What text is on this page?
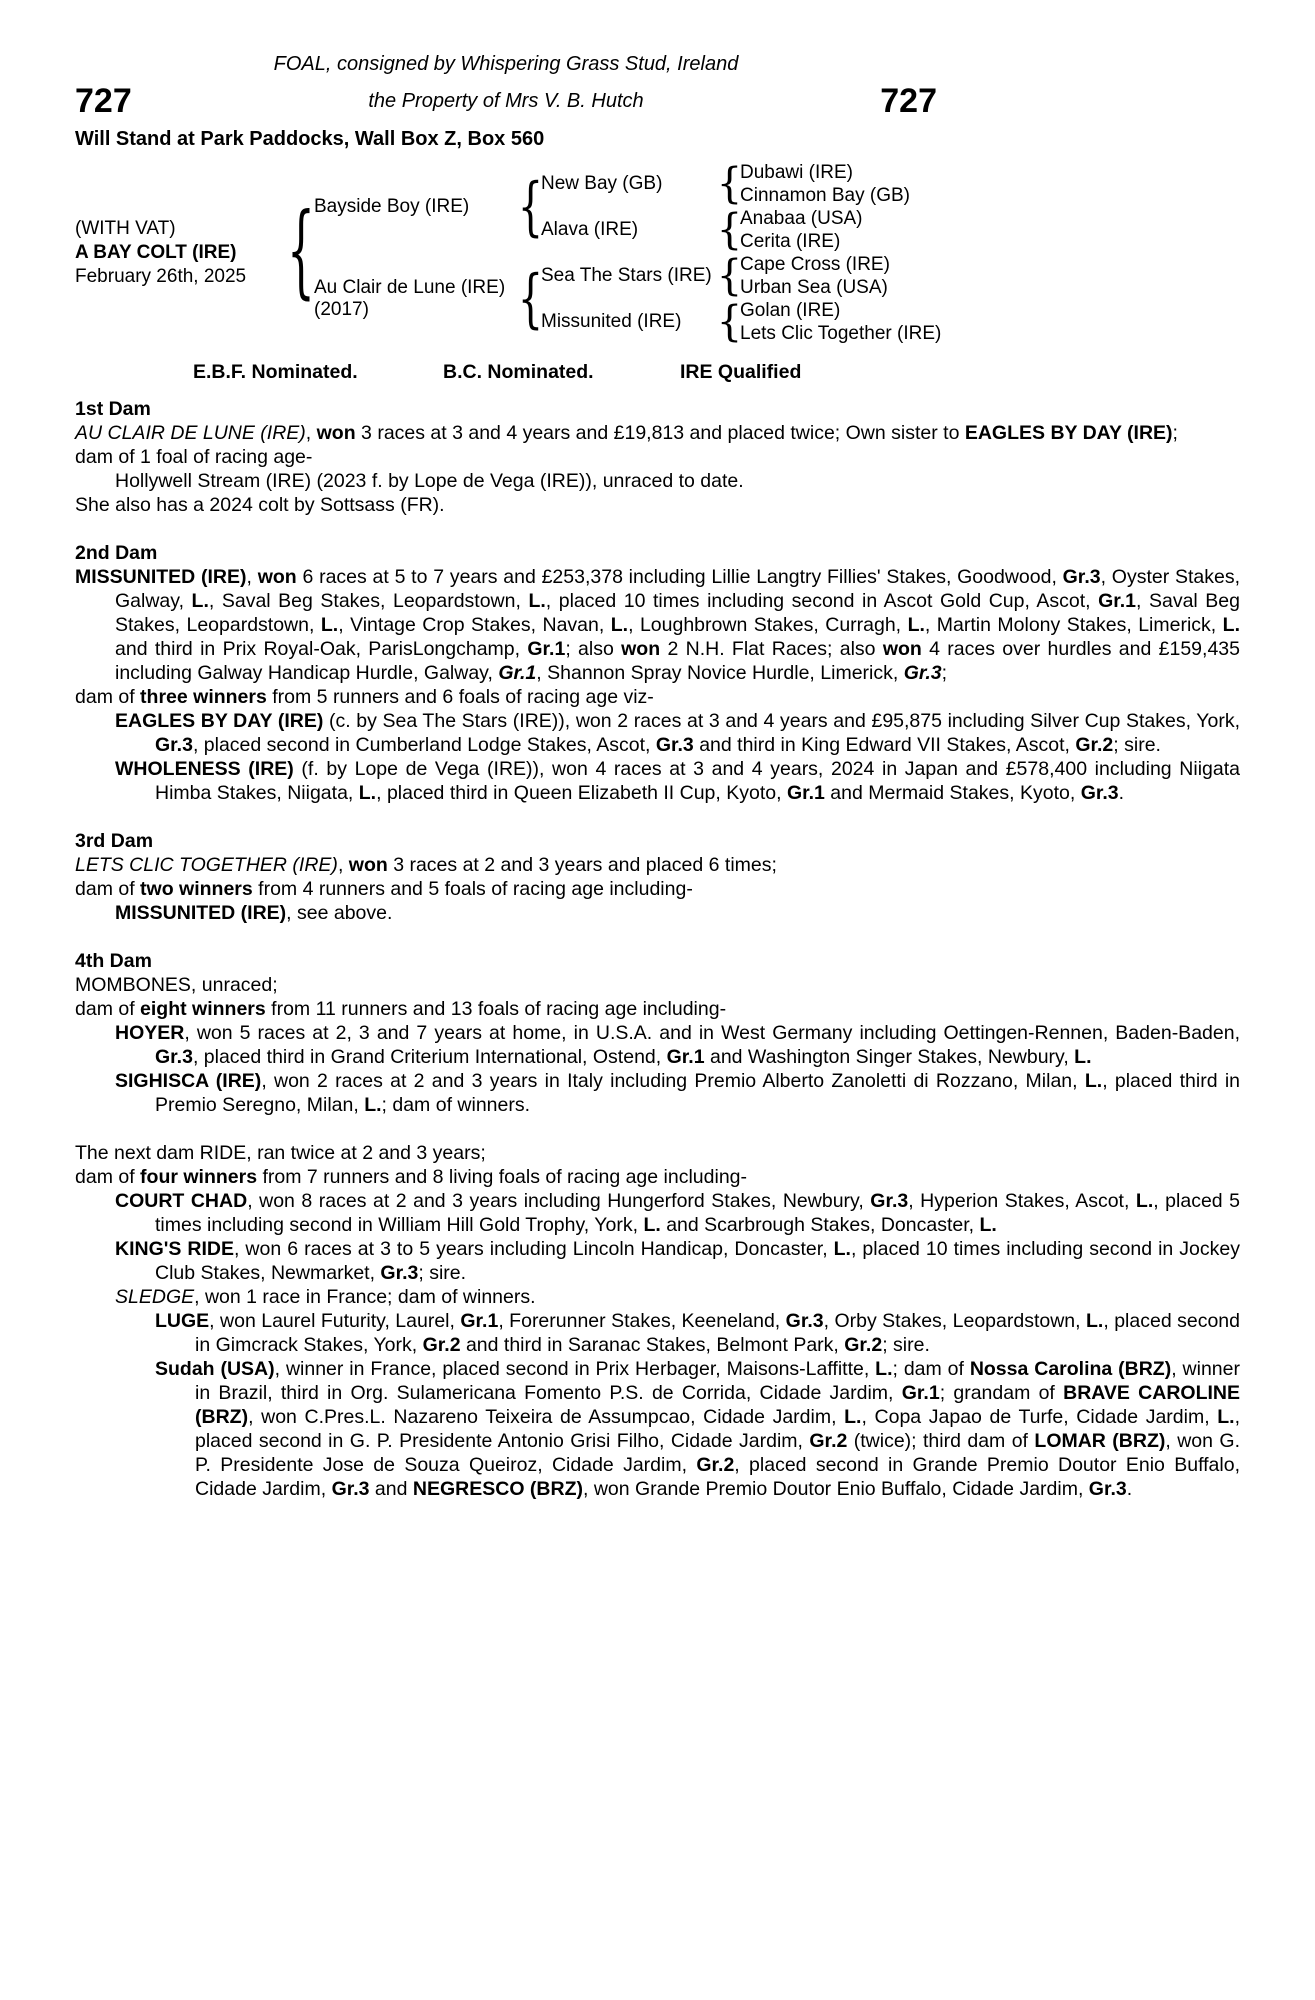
FOAL, consigned by Whispering Grass Stud, Ireland
727	the Property of Mrs V. B. Hutch	727
Will Stand at Park Paddocks, Wall Box Z, Box 560
(WITH VAT)
A BAY COLT (IRE)
February 26th, 2025
{
Bayside Boy (IRE)
Au Clair de Lune (IRE)
(2017)
{
{
New Bay (GB)
Alava (IRE)
Sea The Stars (IRE)
Missunited (IRE)
{
{
{
{
Dubawi (IRE)
Cinnamon Bay (GB)
Anabaa (USA)
Cerita (IRE)
Cape Cross (IRE)
Urban Sea (USA)
Golan (IRE)
Lets Clic Together (IRE)
E.B.F. Nominated.	B.C. Nominated.	IRE Qualified
1st Dam
AU CLAIR DE LUNE (IRE), won 3 races at 3 and 4 years and £19,813 and placed twice; Own sister to EAGLES BY DAY (IRE);
dam of 1 foal of racing age-
Hollywell Stream (IRE) (2023 f. by Lope de Vega (IRE)), unraced to date.
She also has a 2024 colt by Sottsass (FR).
2nd Dam
MISSUNITED (IRE), won 6 races at 5 to 7 years and £253,378 including Lillie Langtry Fillies' Stakes, Goodwood, Gr.3, Oyster Stakes, Galway, L., Saval Beg Stakes, Leopardstown, L., placed 10 times including second in Ascot Gold Cup, Ascot, Gr.1, Saval Beg Stakes, Leopardstown, L., Vintage Crop Stakes, Navan, L., Loughbrown Stakes, Curragh, L., Martin Molony Stakes, Limerick, L. and third in Prix Royal-Oak, ParisLongchamp, Gr.1; also won 2 N.H. Flat Races; also won 4 races over hurdles and £159,435 including Galway Handicap Hurdle, Galway, Gr.1, Shannon Spray Novice Hurdle, Limerick, Gr.3;
dam of three winners from 5 runners and 6 foals of racing age viz-
EAGLES BY DAY (IRE) (c. by Sea The Stars (IRE)), won 2 races at 3 and 4 years and £95,875 including Silver Cup Stakes, York, Gr.3, placed second in Cumberland Lodge Stakes, Ascot, Gr.3 and third in King Edward VII Stakes, Ascot, Gr.2; sire.
WHOLENESS (IRE) (f. by Lope de Vega (IRE)), won 4 races at 3 and 4 years, 2024 in Japan and £578,400 including Niigata Himba Stakes, Niigata, L., placed third in Queen Elizabeth II Cup, Kyoto, Gr.1 and Mermaid Stakes, Kyoto, Gr.3.
3rd Dam
LETS CLIC TOGETHER (IRE), won 3 races at 2 and 3 years and placed 6 times;
dam of two winners from 4 runners and 5 foals of racing age including-
MISSUNITED (IRE), see above.
4th Dam
MOMBONES, unraced;
dam of eight winners from 11 runners and 13 foals of racing age including-
HOYER, won 5 races at 2, 3 and 7 years at home, in U.S.A. and in West Germany including Oettingen-Rennen, Baden-Baden, Gr.3, placed third in Grand Criterium International, Ostend, Gr.1 and Washington Singer Stakes, Newbury, L.
SIGHISCA (IRE), won 2 races at 2 and 3 years in Italy including Premio Alberto Zanoletti di Rozzano, Milan, L., placed third in Premio Seregno, Milan, L.; dam of winners.
The next dam RIDE, ran twice at 2 and 3 years;
dam of four winners from 7 runners and 8 living foals of racing age including-
COURT CHAD, won 8 races at 2 and 3 years including Hungerford Stakes, Newbury, Gr.3, Hyperion Stakes, Ascot, L., placed 5 times including second in William Hill Gold Trophy, York, L. and Scarbrough Stakes, Doncaster, L.
KING'S RIDE, won 6 races at 3 to 5 years including Lincoln Handicap, Doncaster, L., placed 10 times including second in Jockey Club Stakes, Newmarket, Gr.3; sire.
SLEDGE, won 1 race in France; dam of winners.
LUGE, won Laurel Futurity, Laurel, Gr.1, Forerunner Stakes, Keeneland, Gr.3, Orby Stakes, Leopardstown, L., placed second in Gimcrack Stakes, York, Gr.2 and third in Saranac Stakes, Belmont Park, Gr.2; sire.
Sudah (USA), winner in France, placed second in Prix Herbager, Maisons-Laffitte, L.; dam of Nossa Carolina (BRZ), winner in Brazil, third in Org. Sulamericana Fomento P.S. de Corrida, Cidade Jardim, Gr.1; grandam of BRAVE CAROLINE (BRZ), won C.Pres.L. Nazareno Teixeira de Assumpcao, Cidade Jardim, L., Copa Japao de Turfe, Cidade Jardim, L., placed second in G. P. Presidente Antonio Grisi Filho, Cidade Jardim, Gr.2 (twice); third dam of LOMAR (BRZ), won G. P. Presidente Jose de Souza Queiroz, Cidade Jardim, Gr.2, placed second in Grande Premio Doutor Enio Buffalo, Cidade Jardim, Gr.3 and NEGRESCO (BRZ), won Grande Premio Doutor Enio Buffalo, Cidade Jardim, Gr.3.
